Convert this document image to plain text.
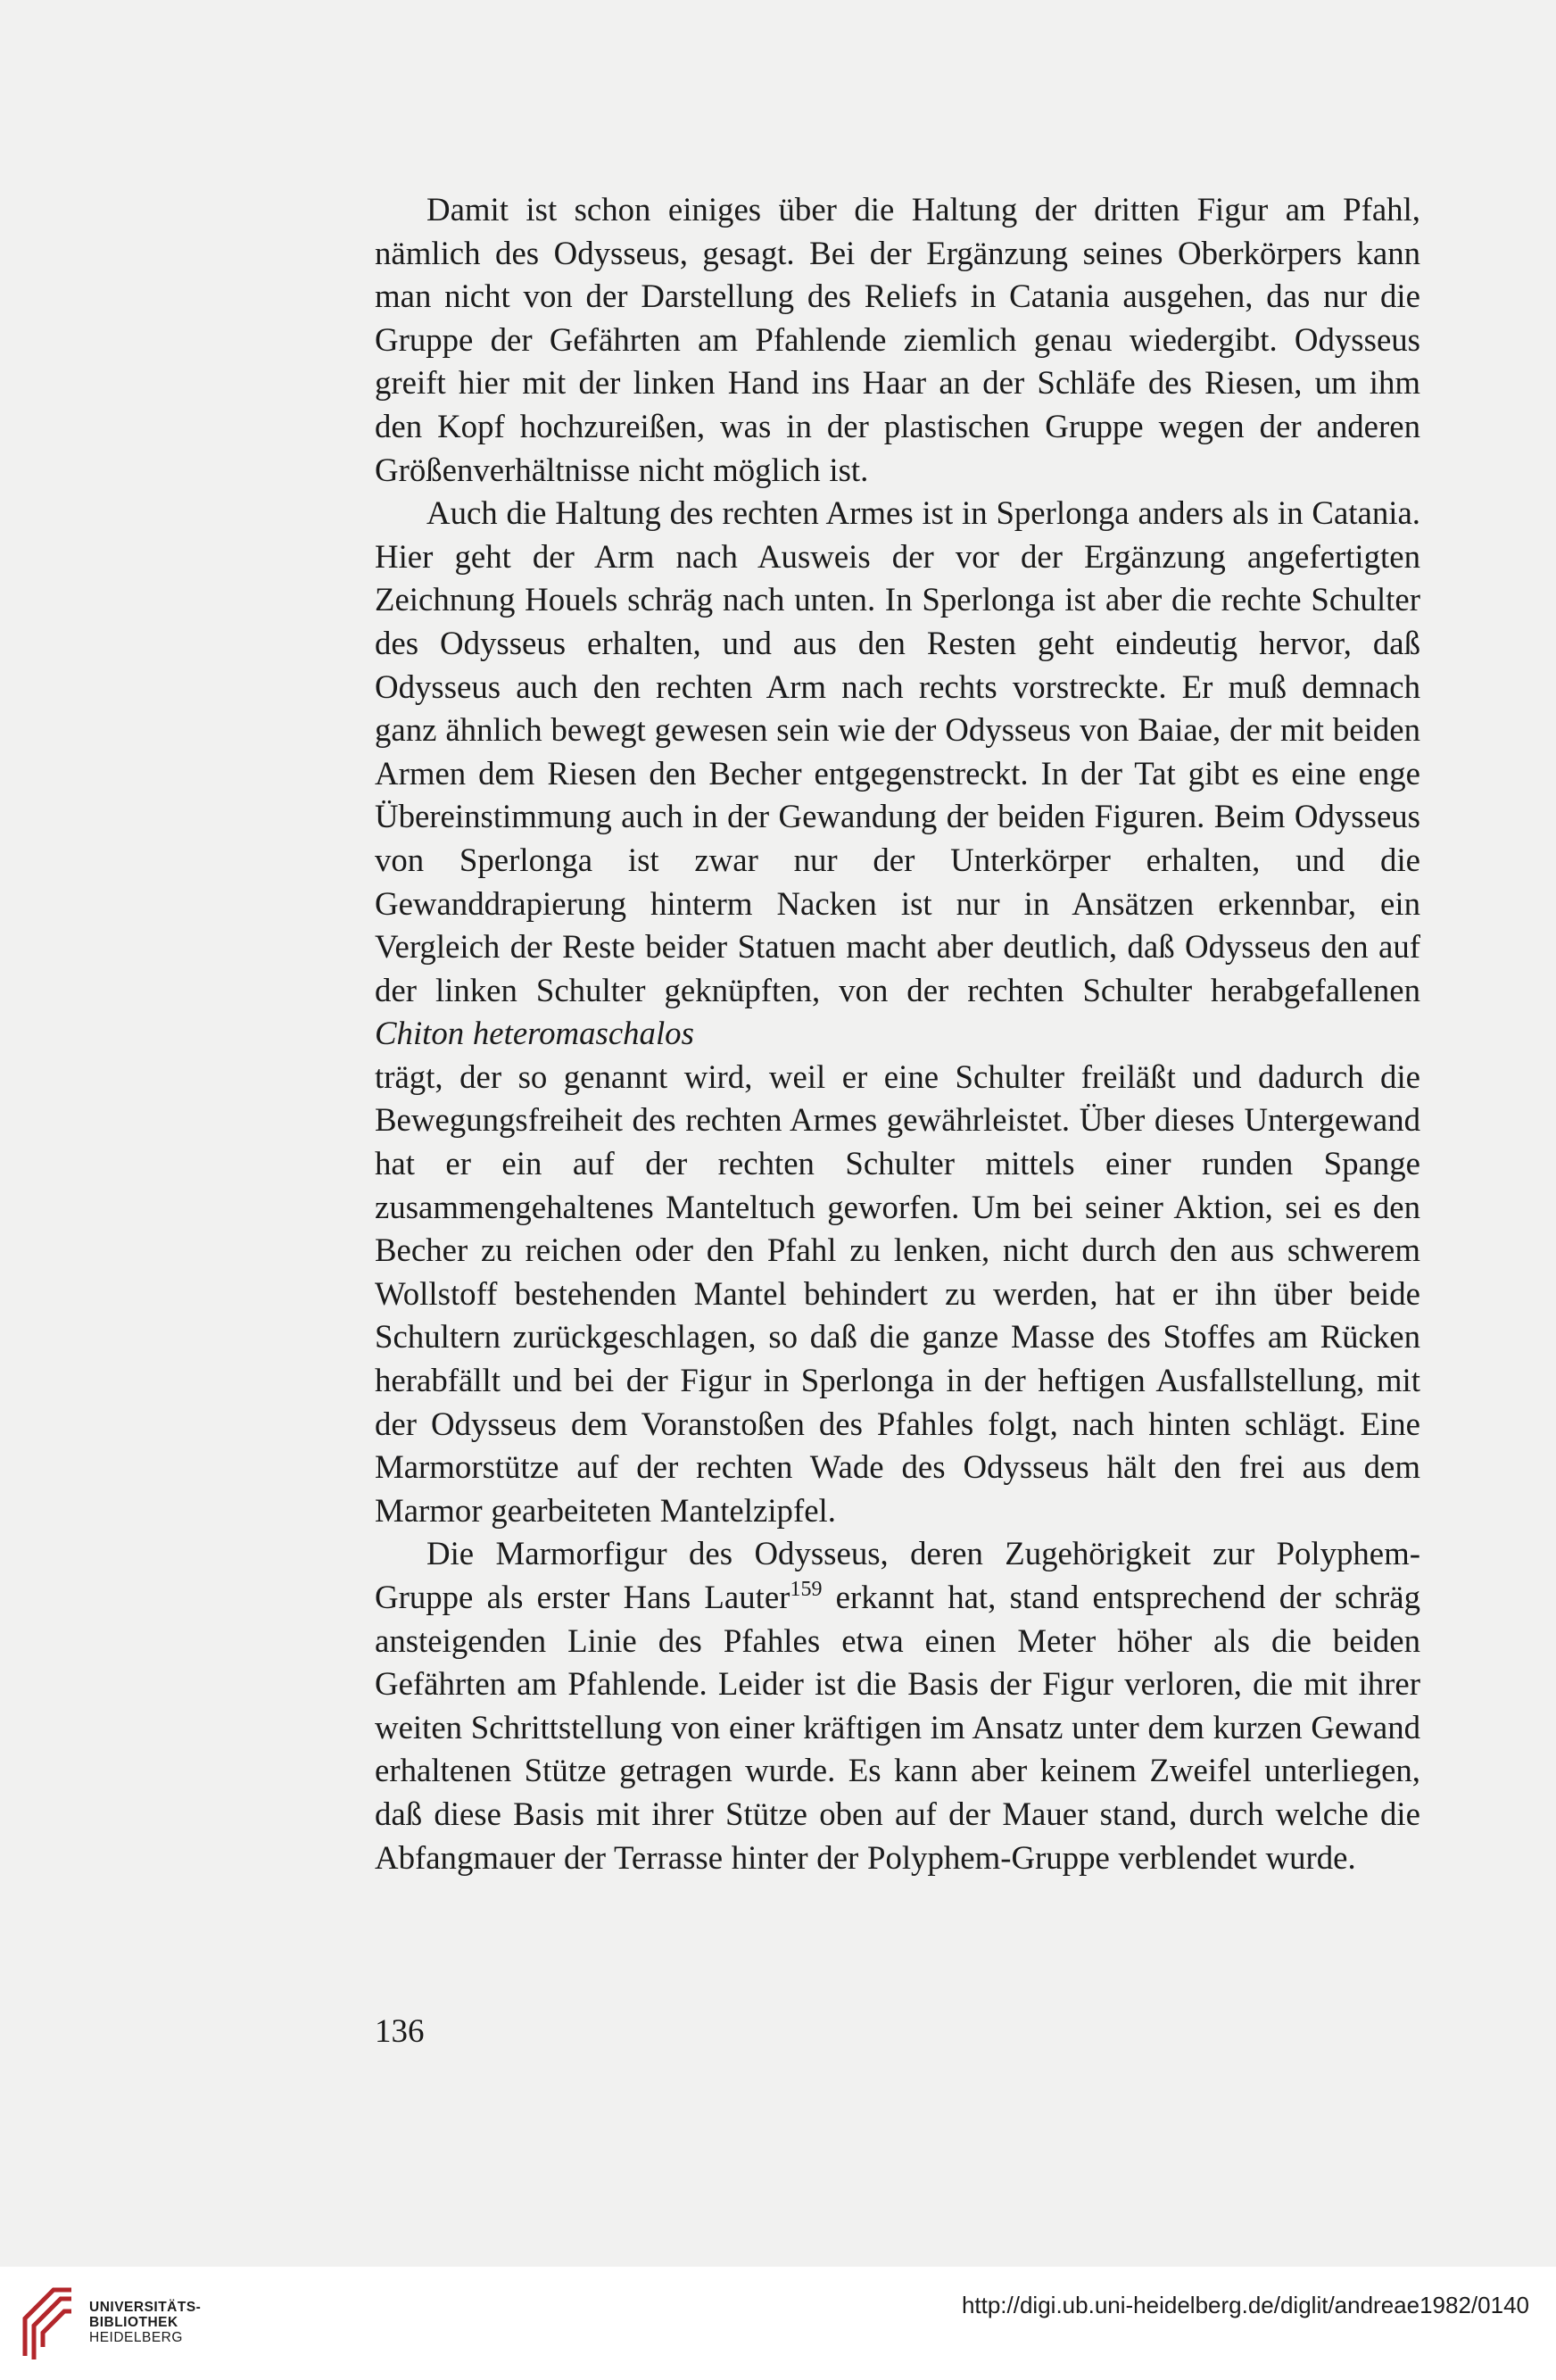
Damit ist schon einiges über die Haltung der dritten Figur am Pfahl, nämlich des Odysseus, gesagt. Bei der Ergänzung seines Oberkörpers kann man nicht von der Darstellung des Reliefs in Catania ausgehen, das nur die Gruppe der Gefährten am Pfahlende ziemlich genau wiedergibt. Odysseus greift hier mit der linken Hand ins Haar an der Schläfe des Riesen, um ihm den Kopf hochzureißen, was in der plastischen Gruppe wegen der anderen Größenverhältnisse nicht möglich ist.

Auch die Haltung des rechten Armes ist in Sperlonga anders als in Catania. Hier geht der Arm nach Ausweis der vor der Ergänzung angefertigten Zeichnung Houels schräg nach unten. In Sperlonga ist aber die rechte Schulter des Odysseus erhalten, und aus den Resten geht eindeutig hervor, daß Odysseus auch den rechten Arm nach rechts vorstreckte. Er muß demnach ganz ähnlich bewegt gewesen sein wie der Odysseus von Baiae, der mit beiden Armen dem Riesen den Becher entgegenstreckt. In der Tat gibt es eine enge Übereinstimmung auch in der Gewandung der beiden Figuren. Beim Odysseus von Sperlonga ist zwar nur der Unterkörper erhalten, und die Gewanddrapierung hinterm Nacken ist nur in Ansätzen erkennbar, ein Vergleich der Reste beider Statuen macht aber deutlich, daß Odysseus den auf der linken Schulter geknüpften, von der rechten Schulter herabgefallenen Chiton heteromaschalos
trägt, der so genannt wird, weil er eine Schulter freiläßt und dadurch die Bewegungsfreiheit des rechten Armes gewährleistet. Über dieses Untergewand hat er ein auf der rechten Schulter mittels einer runden Spange zusammengehaltenes Manteltuch geworfen. Um bei seiner Aktion, sei es den Becher zu reichen oder den Pfahl zu lenken, nicht durch den aus schwerem Wollstoff bestehenden Mantel behindert zu werden, hat er ihn über beide Schultern zurückgeschlagen, so daß die ganze Masse des Stoffes am Rücken herabfällt und bei der Figur in Sperlonga in der heftigen Ausfallstellung, mit der Odysseus dem Voranstoßen des Pfahles folgt, nach hinten schlägt. Eine Marmorstütze auf der rechten Wade des Odysseus hält den frei aus dem Marmor gearbeiteten Mantelzipfel.

Die Marmorfigur des Odysseus, deren Zugehörigkeit zur Polyphem-Gruppe als erster Hans Lauter$^{159}$ erkannt hat, stand entsprechend der schräg ansteigenden Linie des Pfahles etwa einen Meter höher als die beiden Gefährten am Pfahlende. Leider ist die Basis der Figur verloren, die mit ihrer weiten Schrittstellung von einer kräftigen im Ansatz unter dem kurzen Gewand erhaltenen Stütze getragen wurde. Es kann aber keinem Zweifel unterliegen, daß diese Basis mit ihrer Stütze oben auf der Mauer stand, durch welche die Abfangmauer der Terrasse hinter der Polyphem-Gruppe verblendet wurde.

136

UNIVERSITÄTS-
BIBLIOTHEK
HEIDELBERG
http://digi.ub.uni-heidelberg.de/diglit/andreae1982/0140
